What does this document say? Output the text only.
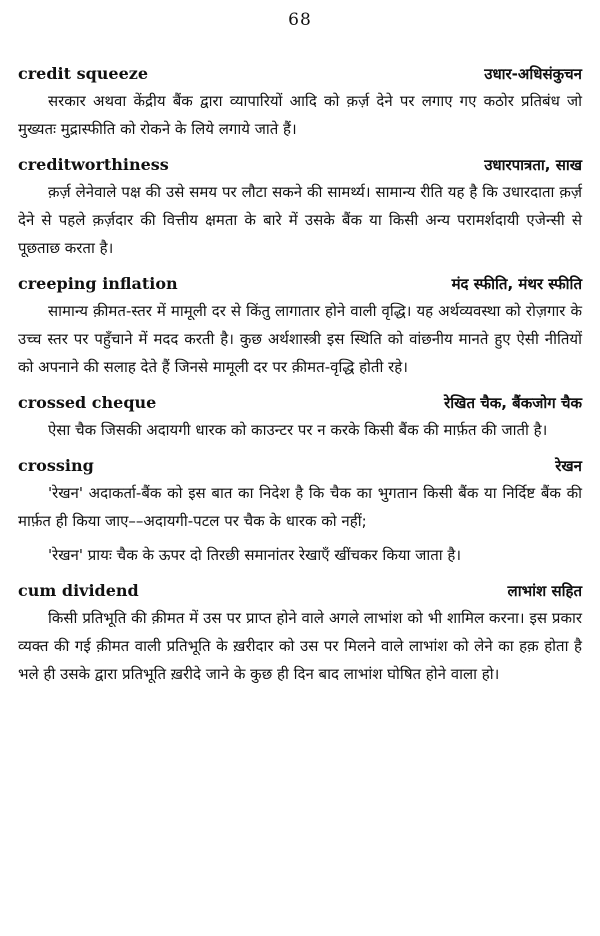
68
credit squeeze	उधार-अधिसंकुचन

सरकार अथवा केंद्रीय बैंक द्वारा व्यापारियों आदि को क़र्ज़ देने पर लगाए गए कठोर प्रतिबंध जो मुख्यतः मुद्रास्फीति को रोकने के लिये लगाये जाते हैं।

creditworthiness	उधारपात्रता, साख

क़र्ज़ लेनेवाले पक्ष की उसे समय पर लौटा सकने की सामर्थ्य। सामान्य रीति यह है कि उधारदाता क़र्ज़ देने से पहले क़र्ज़दार की वित्तीय क्षमता के बारे में उसके बैंक या किसी अन्य परामर्शदायी एजेन्सी से पूछताछ करता है।

creeping inflation	मंद स्फीति, मंथर स्फीति

सामान्य क़ीमत-स्तर में मामूली दर से किंतु लागातार होने वाली वृद्धि। यह अर्थव्यवस्था को रोज़गार के उच्च स्तर पर पहुँचाने में मदद करती है। कुछ अर्थशास्त्री इस स्थिति को वांछनीय मानते हुए ऐसी नीतियों को अपनाने की सलाह देते हैं जिनसे मामूली दर पर क़ीमत-वृद्धि होती रहे।

crossed cheque	रेखित चैक, बैंकजोग चैक

ऐसा चैक जिसकी अदायगी धारक को काउन्टर पर न करके किसी बैंक की मार्फ़त की जाती है।

crossing	रेखन

'रेखन' अदाकर्ता-बैंक को इस बात का निदेश है कि चैक का भुगतान किसी बैंक या निर्दिष्ट बैंक की मार्फ़त ही किया जाए––अदायगी-पटल पर चैक के धारक को नहीं;

'रेखन' प्रायः चैक के ऊपर दो तिरछी समानांतर रेखाएँ खींचकर किया जाता है।

cum dividend	लाभांश सहित

किसी प्रतिभूति की क़ीमत में उस पर प्राप्त होने वाले अगले लाभांश को भी शामिल करना। इस प्रकार व्यक्त की गई क़ीमत वाली प्रतिभूति के ख़रीदार को उस पर मिलने वाले लाभांश को लेने का हक़ होता है भले ही उसके द्वारा प्रतिभूति ख़रीदे जाने के कुछ ही दिन बाद लाभांश घोषित होने वाला हो।
